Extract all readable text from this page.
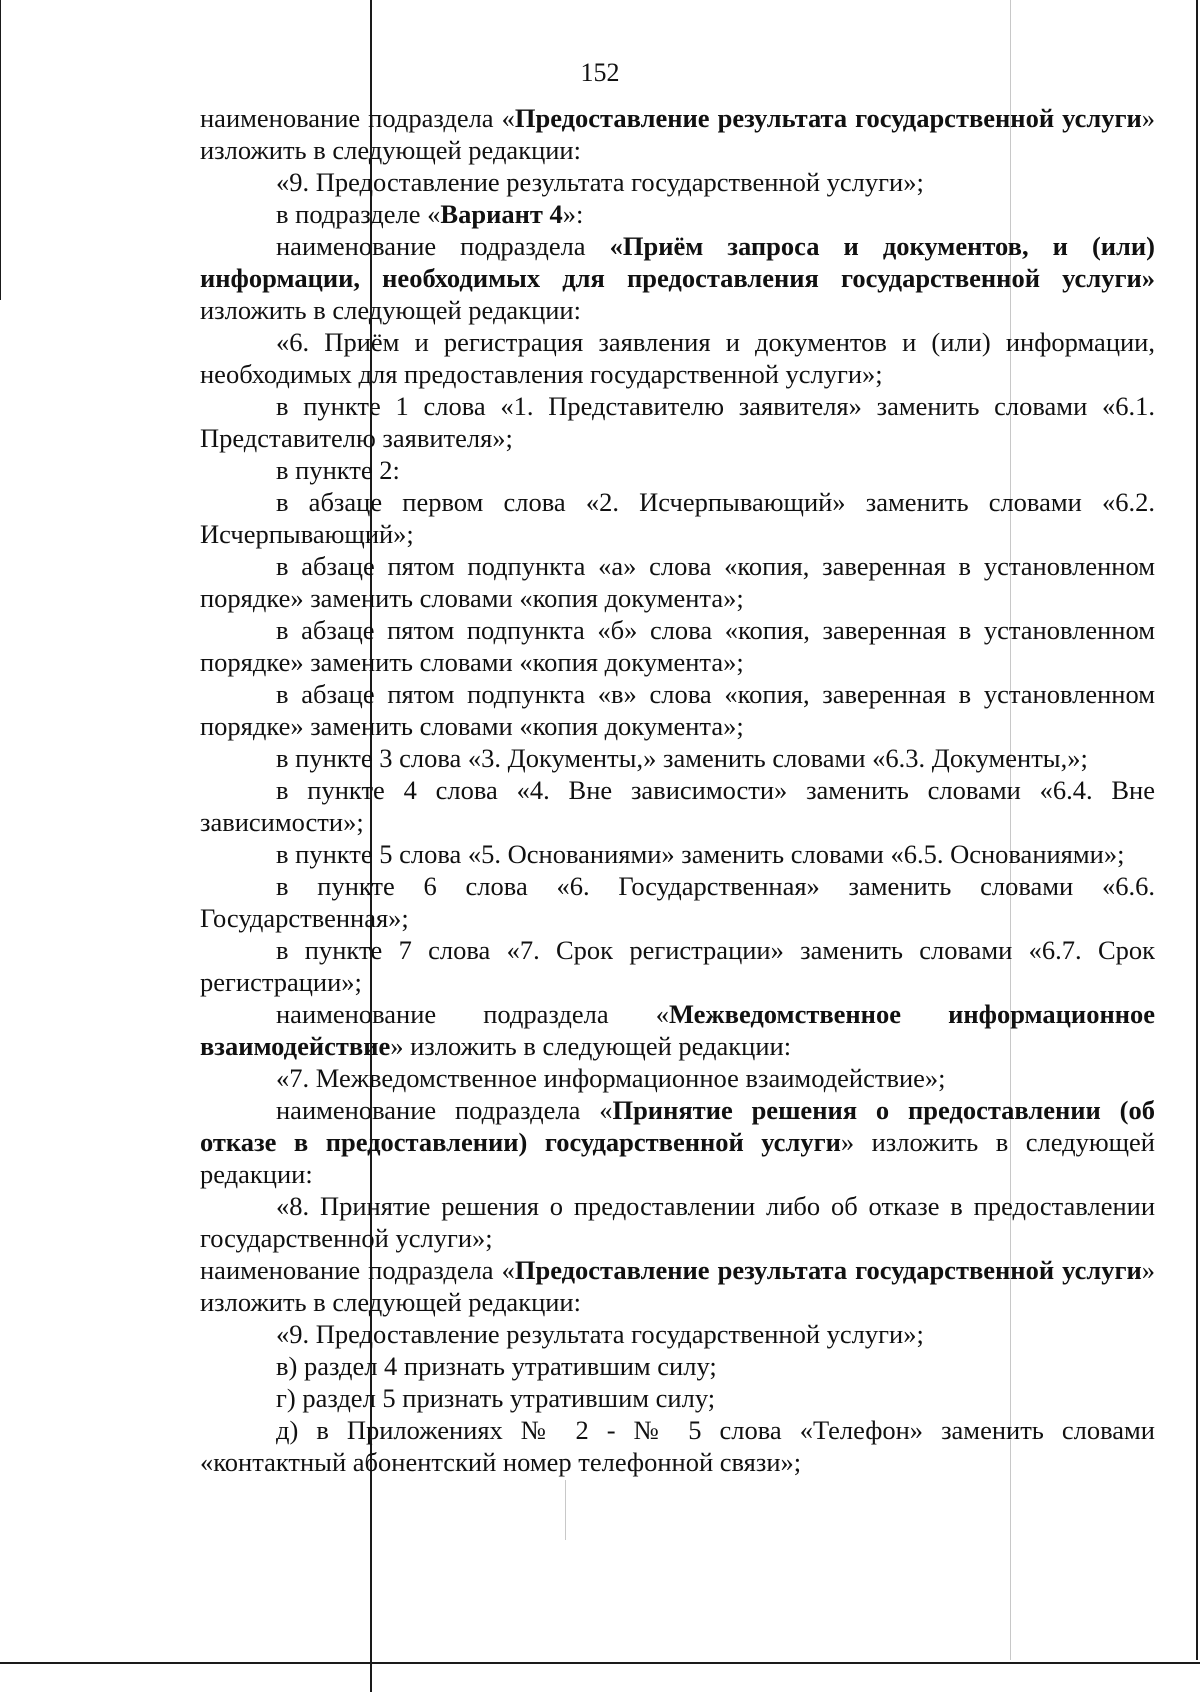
152

наименование подраздела «Предоставление результата государственной услуги» изложить в следующей редакции:

«9. Предоставление результата государственной услуги»;

в подразделе «Вариант 4»:

наименование подраздела «Приём запроса и документов, и (или) информации, необходимых для предоставления государственной услуги» изложить в следующей редакции:

«6. Приём и регистрация заявления и документов и (или) информации, необходимых для предоставления государственной услуги»;

в пункте 1 слова «1. Представителю заявителя» заменить словами «6.1. Представителю заявителя»;

в пункте 2:

в абзаце первом слова «2. Исчерпывающий» заменить словами «6.2. Исчерпывающий»;

в абзаце пятом подпункта «а» слова «копия, заверенная в установленном порядке» заменить словами «копия документа»;

в абзаце пятом подпункта «б» слова «копия, заверенная в установленном порядке» заменить словами «копия документа»;

в абзаце пятом подпункта «в» слова «копия, заверенная в установленном порядке» заменить словами «копия документа»;

в пункте 3 слова «3. Документы,» заменить словами «6.3. Документы,»;

в пункте 4 слова «4. Вне зависимости» заменить словами «6.4. Вне зависимости»;

в пункте 5 слова «5. Основаниями» заменить словами «6.5. Основаниями»;

в пункте 6 слова «6. Государственная» заменить словами «6.6. Государственная»;

в пункте 7 слова «7. Срок регистрации» заменить словами «6.7. Срок регистрации»;

наименование подраздела «Межведомственное информационное взаимодействие» изложить в следующей редакции:

«7. Межведомственное информационное взаимодействие»;

наименование подраздела «Принятие решения о предоставлении (об отказе в предоставлении) государственной услуги» изложить в следующей редакции:

«8. Принятие решения о предоставлении либо об отказе в предоставлении государственной услуги»;

наименование подраздела «Предоставление результата государственной услуги» изложить в следующей редакции:

«9. Предоставление результата государственной услуги»;

в) раздел 4 признать утратившим силу;

г) раздел 5 признать утратившим силу;

д) в Приложениях № 2 - № 5 слова «Телефон» заменить словами «контактный абонентский номер телефонной связи»;
